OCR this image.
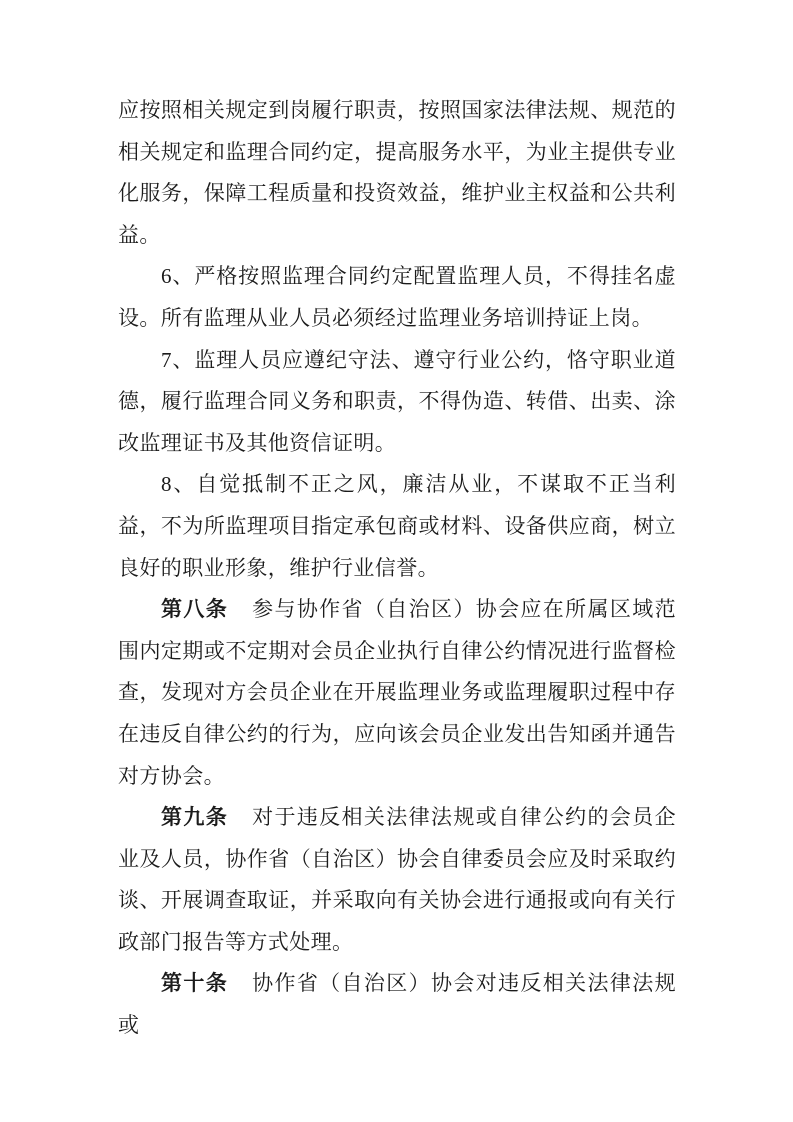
应按照相关规定到岗履行职责，按照国家法律法规、规范的相关规定和监理合同约定，提高服务水平，为业主提供专业化服务，保障工程质量和投资效益，维护业主权益和公共利益。

6、严格按照监理合同约定配置监理人员，不得挂名虚设。所有监理从业人员必须经过监理业务培训持证上岗。

7、监理人员应遵纪守法、遵守行业公约，恪守职业道德，履行监理合同义务和职责，不得伪造、转借、出卖、涂改监理证书及其他资信证明。

8、自觉抵制不正之风，廉洁从业，不谋取不正当利益，不为所监理项目指定承包商或材料、设备供应商，树立良好的职业形象，维护行业信誉。

第八条 参与协作省（自治区）协会应在所属区域范围内定期或不定期对会员企业执行自律公约情况进行监督检查，发现对方会员企业在开展监理业务或监理履职过程中存在违反自律公约的行为，应向该会员企业发出告知函并通告对方协会。

第九条 对于违反相关法律法规或自律公约的会员企业及人员，协作省（自治区）协会自律委员会应及时采取约谈、开展调查取证，并采取向有关协会进行通报或向有关行政部门报告等方式处理。

第十条 协作省（自治区）协会对违反相关法律法规或
